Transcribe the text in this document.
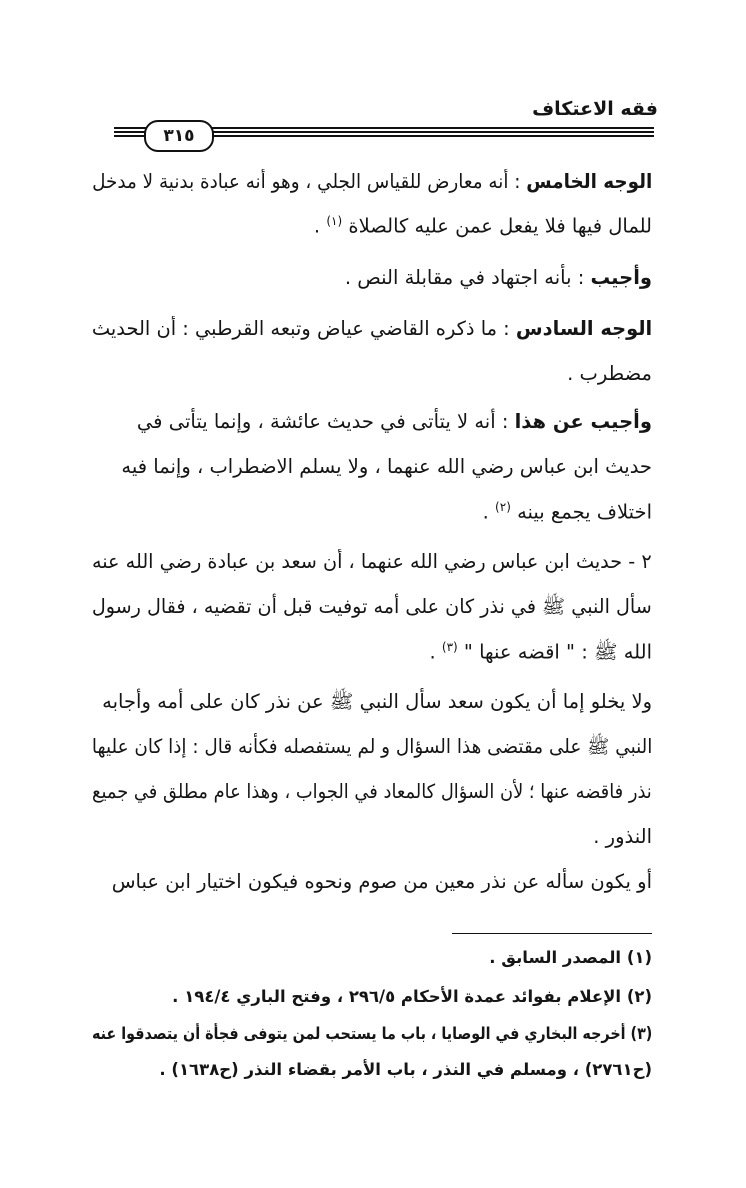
فقه الاعتكاف
٣١٥
الوجه الخامس : أنه معارض للقياس الجلي ، وهو أنه عبادة بدنية لا مدخل
للمال فيها فلا يفعل عمن عليه كالصلاة $^{(١)}$ .
وأجيب : بأنه اجتهاد في مقابلة النص .
الوجه السادس : ما ذكره القاضي عياض وتبعه القرطبي : أن الحديث
مضطرب .
وأجيب عن هذا : أنه لا يتأتى في حديث عائشة ، وإنما يتأتى في
حديث ابن عباس رضي الله عنهما ، ولا يسلم الاضطراب ، وإنما فيه
اختلاف يجمع بينه $^{(٢)}$ .
٢ - حديث ابن عباس رضي الله عنهما ، أن سعد بن عبادة رضي الله عنه
سأل النبي ﷺ في نذر كان على أمه توفيت قبل أن تقضيه ، فقال رسول
الله ﷺ : " اقضه عنها " $^{(٣)}$ .
ولا يخلو إما أن يكون سعد سأل النبي ﷺ عن نذر كان على أمه وأجابه
النبي ﷺ على مقتضى هذا السؤال و لم يستفصله فكأنه قال : إذا كان عليها
نذر فاقضه عنها ؛ لأن السؤال كالمعاد في الجواب ، وهذا عام مطلق في جميع
النذور .
أو يكون سأله عن نذر معين من صوم ونحوه فيكون اختيار ابن عباس
(١) المصدر السابق .
(٢) الإعلام بفوائد عمدة الأحكام ٢٩٦/٥ ، وفتح الباري ١٩٤/٤ .
(٣) أخرجه البخاري في الوصايا ، باب ما يستحب لمن يتوفى فجأة أن يتصدقوا عنه
(ح٢٧٦١) ، ومسلم في النذر ، باب الأمر بقضاء النذر (ح١٦٣٨) .
